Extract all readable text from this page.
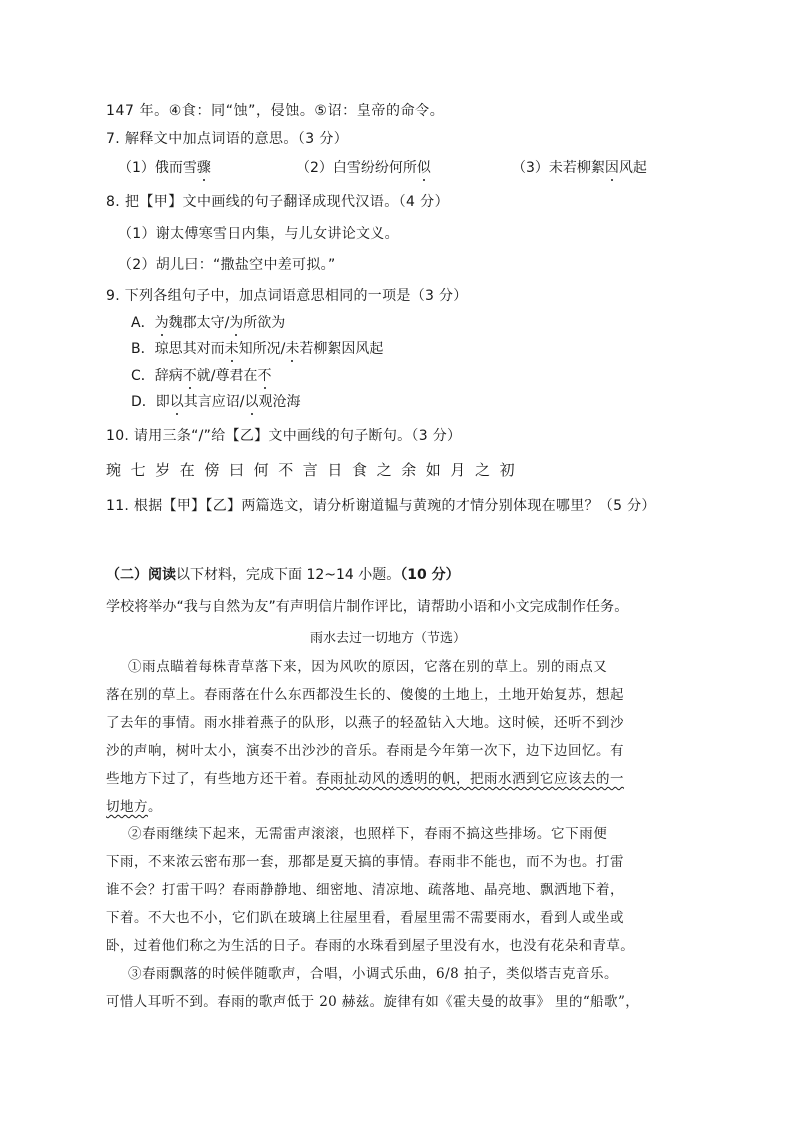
147 年。④食：同“蚀”，侵蚀。⑤诏：皇帝的命令。
7. 解释文中加点词语的意思。（3 分）
（1）俄而雪骤	（2）白雪纷纷何所似	（3）未若柳絮因风起
8. 把【甲】文中画线的句子翻译成现代汉语。（4 分）
（1）谢太傅寒雪日内集，与儿女讲论文义。
（2）胡儿曰：“撒盐空中差可拟。”
9. 下列各组句子中，加点词语意思相同的一项是（3 分）
A．为魏郡太守/为所欲为
B．琼思其对而未知所况/未若柳絮因风起
C．辞病不就/尊君在不
D．即以其言应诏/以观沧海
10. 请用三条“/”给【乙】文中画线的句子断句。（3 分）
琬七岁在傍曰何不言日食之余如月之初
11. 根据【甲】【乙】两篇选文，请分析谢道韫与黄琬的才情分别体现在哪里？（5 分）
（二）阅读以下材料，完成下面 12~14 小题。（10 分）
学校将举办“我与自然为友”有声明信片制作评比，请帮助小语和小文完成制作任务。
雨水去过一切地方（节选）
①雨点瞄着每株青草落下来，因为风吹的原因，它落在别的草上。别的雨点又
落在别的草上。春雨落在什么东西都没生长的、傻傻的土地上，土地开始复苏，想起
了去年的事情。雨水排着燕子的队形，以燕子的轻盈钻入大地。这时候，还听不到沙
沙的声响，树叶太小，演奏不出沙沙的音乐。春雨是今年第一次下，边下边回忆。有
些地方下过了，有些地方还干着。春雨扯动风的透明的帆，把雨水洒到它应该去的一
切地方。
②春雨继续下起来，无需雷声滚滚，也照样下，春雨不搞这些排场。它下雨便
下雨，不来浓云密布那一套，那都是夏天搞的事情。春雨非不能也，而不为也。打雷
谁不会？打雷干吗？春雨静静地、细密地、清凉地、疏落地、晶亮地、飘洒地下着，
下着。不大也不小，它们趴在玻璃上往屋里看，看屋里需不需要雨水，看到人或坐或
卧，过着他们称之为生活的日子。春雨的水珠看到屋子里没有水，也没有花朵和青草。
③春雨飘落的时候伴随歌声，合唱，小调式乐曲，6/8 拍子，类似塔吉克音乐。
可惜人耳听不到。春雨的歌声低于 20 赫兹。旋律有如《霍夫曼的故事》 里的“船歌”，
